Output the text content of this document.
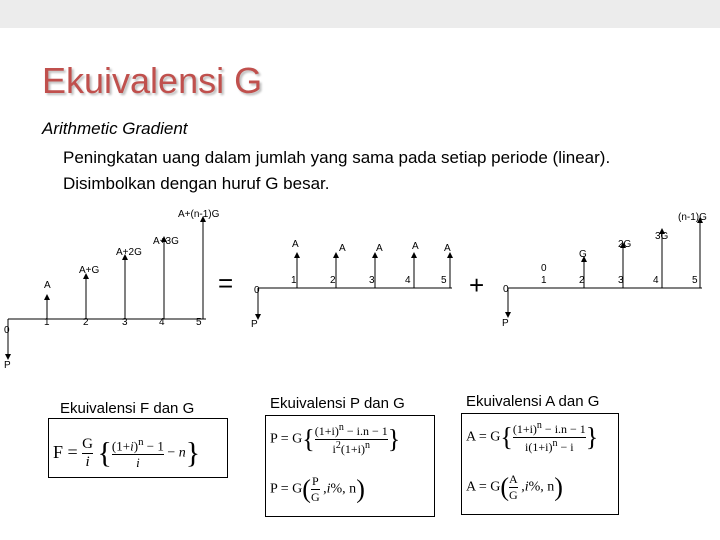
Ekuivalensi G
Arithmetic Gradient
Peningkatan uang dalam jumlah yang sama pada setiap periode (linear).
Disimbolkan dengan huruf G besar.
0
1	2	3	4	5
A
A+G
A+2G
A+3G
A+(n-1)G
P
= 0
1	2	3	4	5
A	A	A	A	A
P
+ 0
0
1	2	3	4	5
G
2G
3G
(n-1)G
P
Ekuivalensi F dan G	Ekuivalensi P dan G	Ekuivalensi A dan G
$F = \frac{G}{i}$ { $\frac{(1+i)^n - 1}{i} - n$}	$P = G\{ \frac{(1+i)^n - i.n - 1}{i^2(1+i)^n}$ }
$P = G( \frac{P}{G} ,i\%$, n)
$A = G\{ \frac{(1+i)^n - i.n - 1}{i(1+i)^n - i}$ }
$A = G( \frac{A}{G} ,i\%$, n)
